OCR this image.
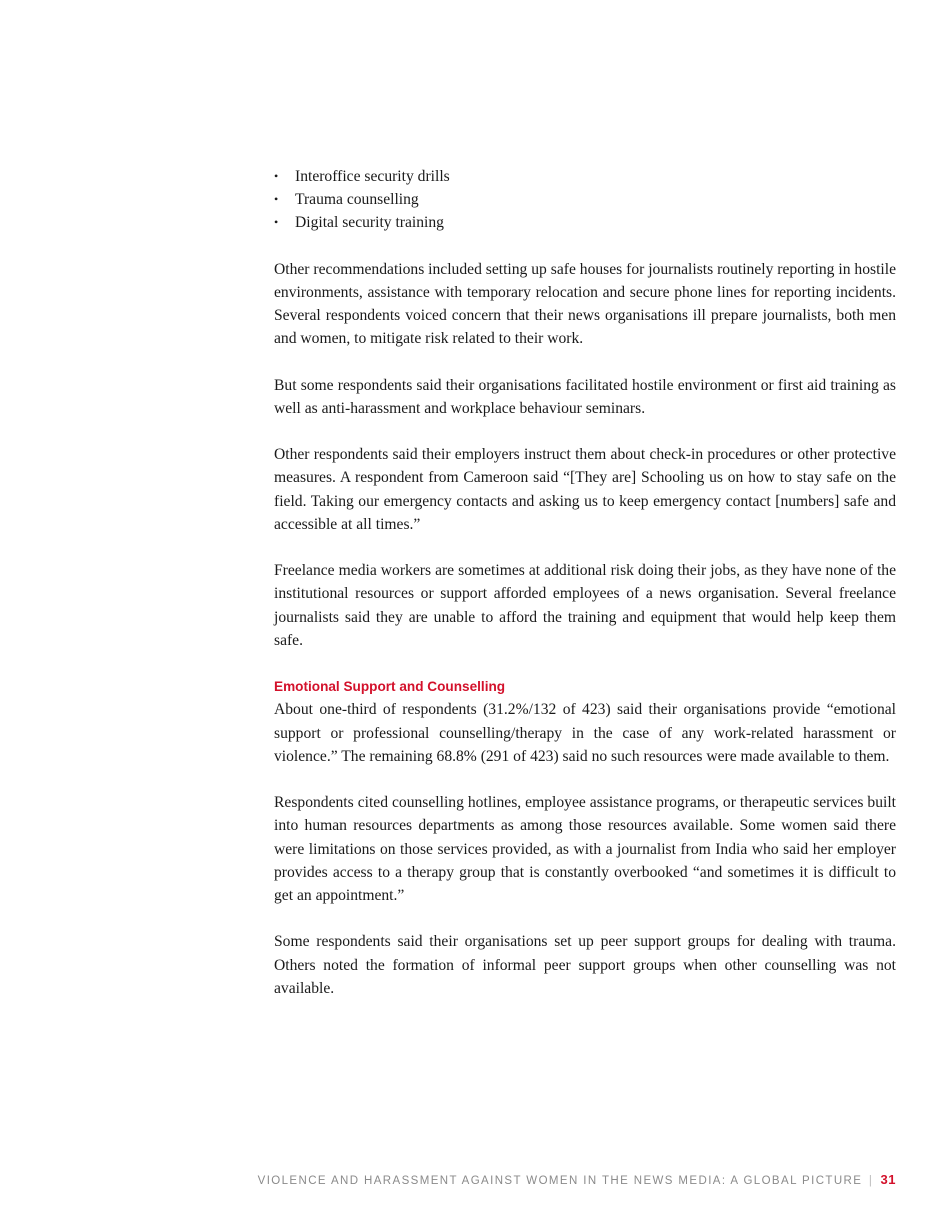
• Interoffice security drills
• Trauma counselling
• Digital security training

Other recommendations included setting up safe houses for journalists routinely reporting in hostile environments, assistance with temporary relocation and secure phone lines for reporting incidents. Several respondents voiced concern that their news organisations ill prepare journalists, both men and women, to mitigate risk related to their work.

But some respondents said their organisations facilitated hostile environment or first aid training as well as anti-harassment and workplace behaviour seminars.

Other respondents said their employers instruct them about check-in procedures or other protective measures. A respondent from Cameroon said “[They are] Schooling us on how to stay safe on the field. Taking our emergency contacts and asking us to keep emergency contact [numbers] safe and accessible at all times.”

Freelance media workers are sometimes at additional risk doing their jobs, as they have none of the institutional resources or support afforded employees of a news organisation. Several freelance journalists said they are unable to afford the training and equipment that would help keep them safe.

Emotional Support and Counselling

About one-third of respondents (31.2%/132 of 423) said their organisations provide “emotional support or professional counselling/therapy in the case of any work-related harassment or violence.” The remaining 68.8% (291 of 423) said no such resources were made available to them.

Respondents cited counselling hotlines, employee assistance programs, or therapeutic services built into human resources departments as among those resources available. Some women said there were limitations on those services provided, as with a journalist from India who said her employer provides access to a therapy group that is constantly overbooked “and sometimes it is difficult to get an appointment.”

Some respondents said their organisations set up peer support groups for dealing with trauma. Others noted the formation of informal peer support groups when other counselling was not available.

VIOLENCE AND HARASSMENT AGAINST WOMEN IN THE NEWS MEDIA: A GLOBAL PICTURE | 31
